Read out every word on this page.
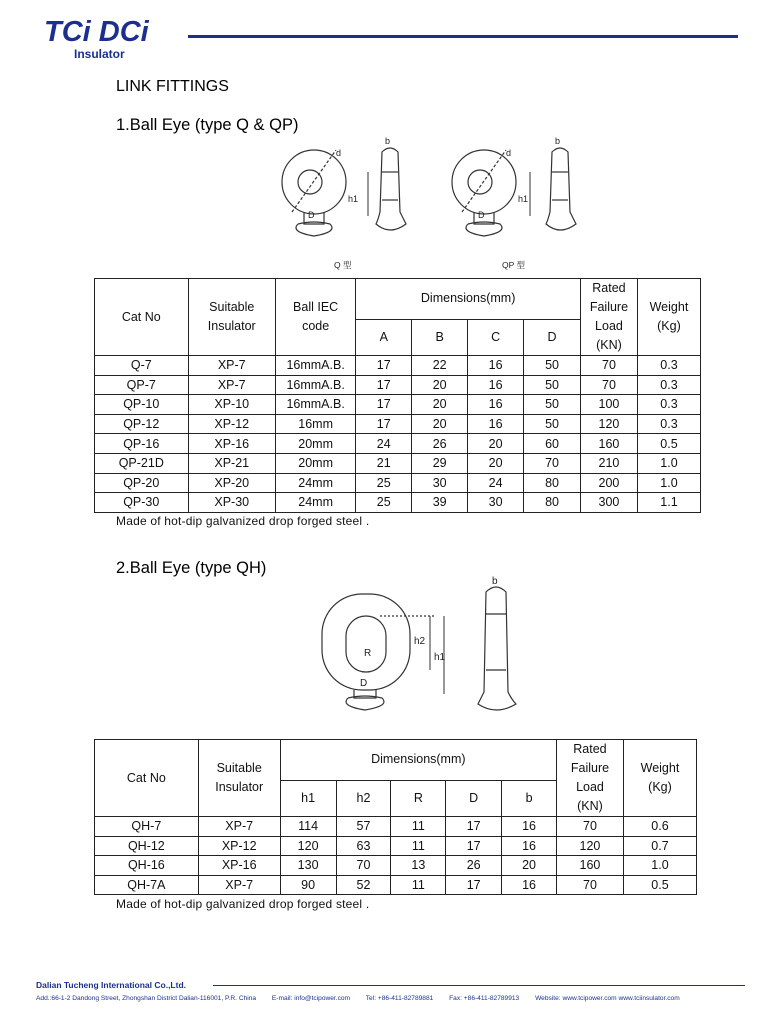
TCi DCi
Insulator
LINK FITTINGS
1.Ball Eye (type Q & QP)
d
b
h1
D
d
b
h1
D
Q 型	QP 型
Cat No	Suitable Insulator	Ball IEC code	Dimensions(mm)				Rated Failure Load (KN)	Weight (Kg)
			A	B	C	D		
Q-7	XP-7	16mmA.B.	17	22	16	50	70	0.3
QP-7	XP-7	16mmA.B.	17	20	16	50	70	0.3
QP-10	XP-10	16mmA.B.	17	20	16	50	100	0.3
QP-12	XP-12	16mm	17	20	16	50	120	0.3
QP-16	XP-16	20mm	24	26	20	60	160	0.5
QP-21D	XP-21	20mm	21	29	20	70	210	1.0
QP-20	XP-20	24mm	25	30	24	80	200	1.0
QP-30	XP-30	24mm	25	39	30	80	300	1.1
Made of hot-dip galvanized drop forged steel .
2.Ball Eye (type QH)
b
R
h2
h1
D
Cat No	Suitable Insulator	Dimensions(mm)					Rated Failure Load (KN)	Weight (Kg)
		h1	h2	R	D	b		
QH-7	XP-7	114	57	11	17	16	70	0.6
QH-12	XP-12	120	63	11	17	16	120	0.7
QH-16	XP-16	130	70	13	26	20	160	1.0
QH-7A	XP-7	90	52	11	17	16	70	0.5
Made of hot-dip galvanized drop forged steel .
Dalian Tucheng International Co.,Ltd.
Add.:66-1-2 Dandong Street, Zhongshan District Dalian-116001, P.R. China E-mail: info@tcipower.com Tel: +86-411-82789881 Fax: +86-411-82789913 Website: www.tcipower.com www.tciinsulator.com
